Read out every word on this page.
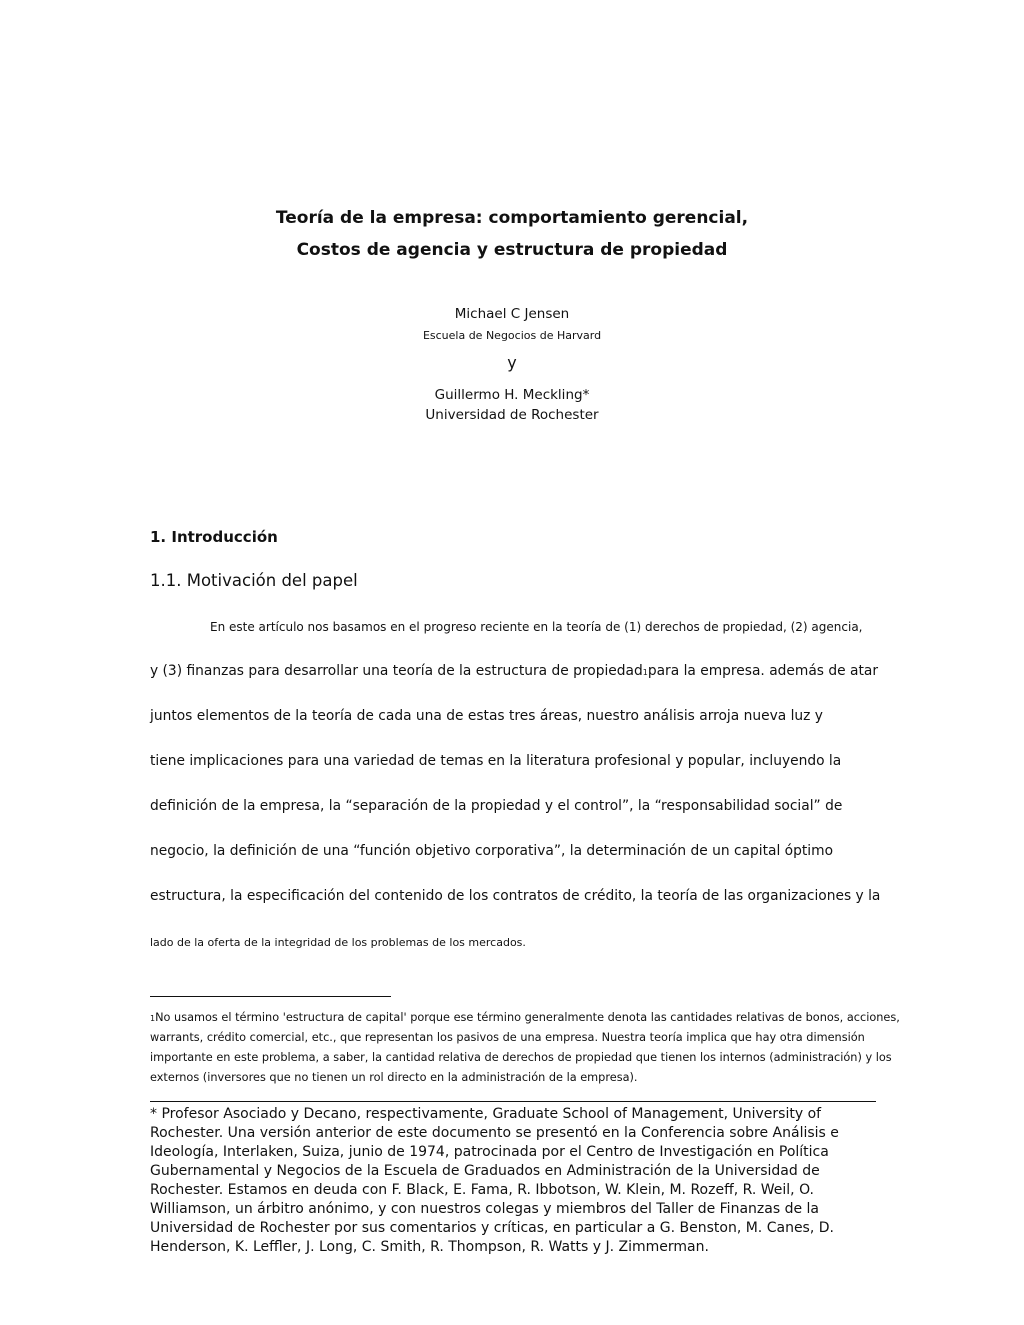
Teoría de la empresa: comportamiento gerencial,
Costos de agencia y estructura de propiedad
Michael C Jensen
Escuela de Negocios de Harvard
y
Guillermo H. Meckling*
Universidad de Rochester
1. Introducción
1.1. Motivación del papel
En este artículo nos basamos en el progreso reciente en la teoría de (1) derechos de propiedad, (2) agencia,
y (3) finanzas para desarrollar una teoría de la estructura de propiedad1para la empresa. además de atar
juntos elementos de la teoría de cada una de estas tres áreas, nuestro análisis arroja nueva luz y
tiene implicaciones para una variedad de temas en la literatura profesional y popular, incluyendo la
definición de la empresa, la “separación de la propiedad y el control”, la “responsabilidad social” de
negocio, la definición de una “función objetivo corporativa”, la determinación de un capital óptimo
estructura, la especificación del contenido de los contratos de crédito, la teoría de las organizaciones y la
lado de la oferta de la integridad de los problemas de los mercados.
1No usamos el término 'estructura de capital' porque ese término generalmente denota las cantidades relativas de bonos, acciones,
warrants, crédito comercial, etc., que representan los pasivos de una empresa. Nuestra teoría implica que hay otra dimensión
importante en este problema, a saber, la cantidad relativa de derechos de propiedad que tienen los internos (administración) y los
externos (inversores que no tienen un rol directo en la administración de la empresa).
* Profesor Asociado y Decano, respectivamente, Graduate School of Management, University of Rochester. Una versión anterior de este documento se presentó en la Conferencia sobre Análisis e Ideología, Interlaken, Suiza, junio de 1974, patrocinada por el Centro de Investigación en Política Gubernamental y Negocios de la Escuela de Graduados en Administración de la Universidad de Rochester. Estamos en deuda con F. Black, E. Fama, R. Ibbotson, W. Klein, M. Rozeff, R. Weil, O. Williamson, un árbitro anónimo, y con nuestros colegas y miembros del Taller de Finanzas de la Universidad de Rochester por sus comentarios y críticas, en particular a G. Benston, M. Canes, D. Henderson, K. Leffler, J. Long, C. Smith, R. Thompson, R. Watts y J. Zimmerman.
